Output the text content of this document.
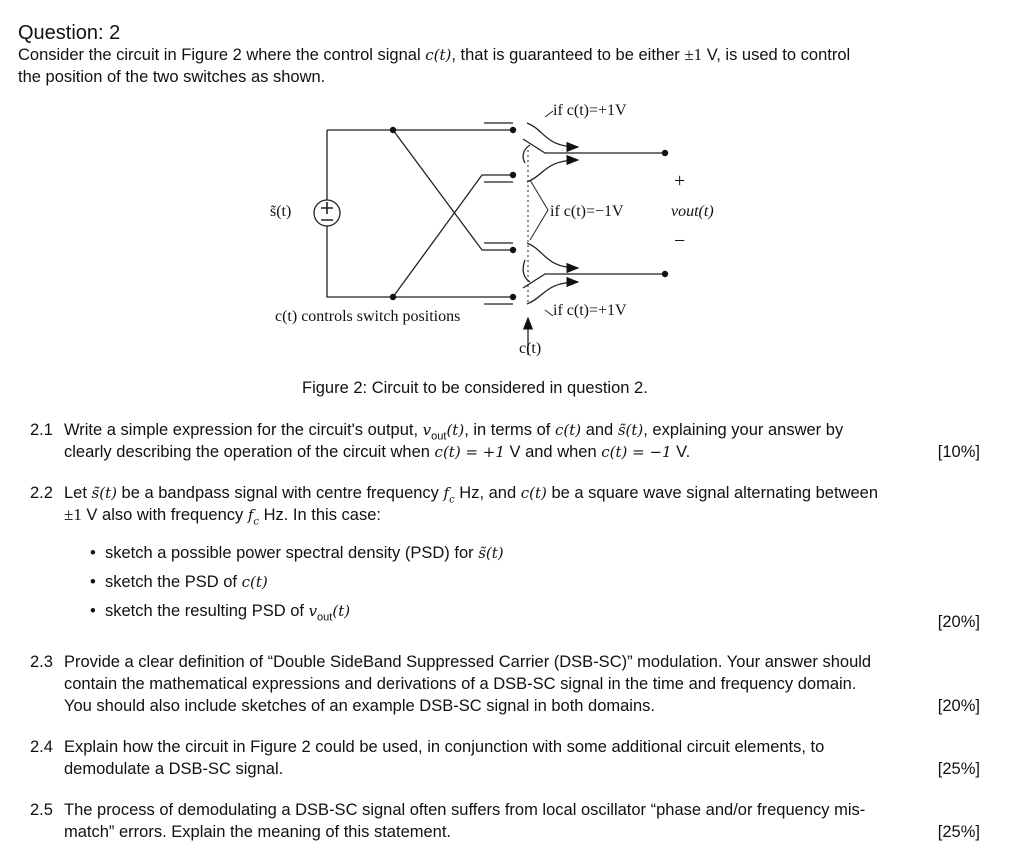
Question: 2
Consider the circuit in Figure 2 where the control signal c(t), that is guaranteed to be either ±1 V, is used to control
the position of the two switches as shown.
s̃(t)
if c(t)=+1V
if c(t)=−1V
if c(t)=+1V
+
−
vout(t)
c(t) controls switch positions
c(t)
Figure 2: Circuit to be considered in question 2.
2.1 Write a simple expression for the circuit's output, $v_{out}(t)$, in terms of c(t) and s̃(t), explaining your answer by
clearly describing the operation of the circuit when c(t) = +1 V and when c(t) = −1 V.	[10%]
2.2 Let s̃(t) be a bandpass signal with centre frequency $f_c$ Hz, and c(t) be a square wave signal alternating between
±1 V also with frequency $f_c$ Hz. In this case:
•  sketch a possible power spectral density (PSD) for s̃(t)
•  sketch the PSD of c(t)
•  sketch the resulting PSD of $v_{out}(t)$
[20%]
2.3 Provide a clear definition of “Double SideBand Suppressed Carrier (DSB-SC)” modulation. Your answer should
contain the mathematical expressions and derivations of a DSB-SC signal in the time and frequency domain.
You should also include sketches of an example DSB-SC signal in both domains.	[20%]
2.4 Explain how the circuit in Figure 2 could be used, in conjunction with some additional circuit elements, to
demodulate a DSB-SC signal.	[25%]
2.5 The process of demodulating a DSB-SC signal often suffers from local oscillator “phase and/or frequency mis-
match” errors. Explain the meaning of this statement.	[25%]
